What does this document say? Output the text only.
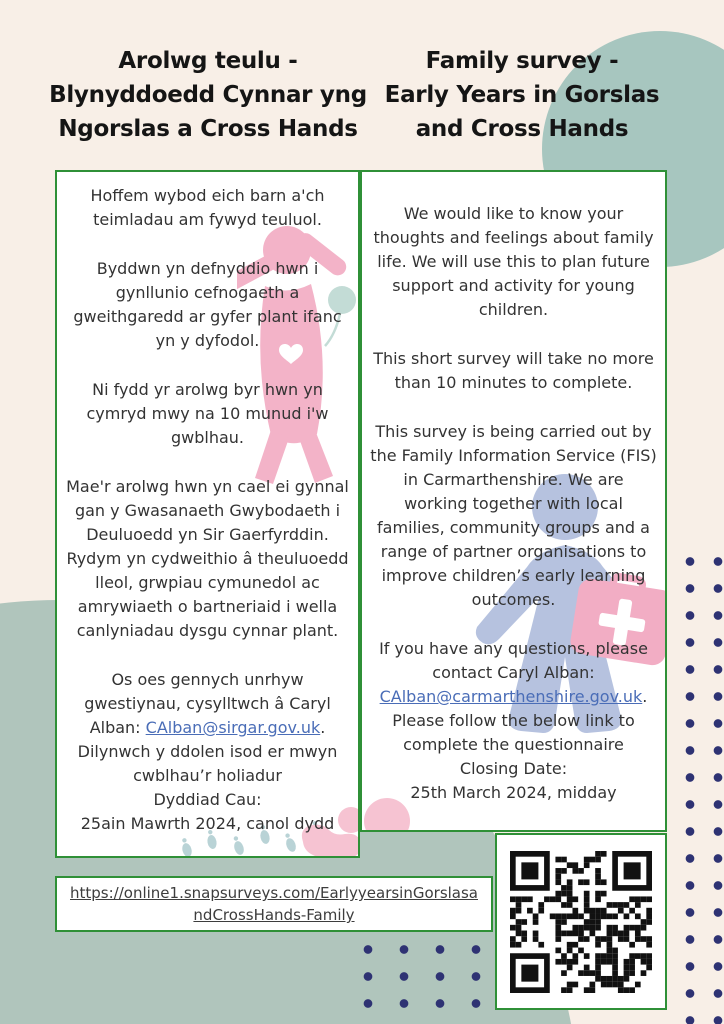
Arolwg teulu -
Blynyddoedd Cynnar yng
Ngorslas a Cross Hands
Family survey -
Early Years in Gorslas
and Cross Hands

Hoffem wybod eich barn a'ch teimladau am fywyd teuluol.

Byddwn yn defnyddio hwn i gynllunio cefnogaeth a gweithgaredd ar gyfer plant ifanc yn y dyfodol.

Ni fydd yr arolwg byr hwn yn cymryd mwy na 10 munud i'w gwblhau.

Mae'r arolwg hwn yn cael ei gynnal gan y Gwasanaeth Gwybodaeth i Deuluoedd yn Sir Gaerfyrddin. Rydym yn cydweithio â theuluoedd lleol, grwpiau cymunedol ac amrywiaeth o bartneriaid i wella canlyniadau dysgu cynnar plant.

Os oes gennych unrhyw gwestiynau, cysylltwch â Caryl Alban: CAlban@sirgar.gov.uk. Dilynwch y ddolen isod er mwyn cwblhau’r holiadur

Dyddiad Cau:

25ain Mawrth 2024, canol dydd

We would like to know your thoughts and feelings about family life. We will use this to plan future support and activity for young children.

This short survey will take no more than 10 minutes to complete.

This survey is being carried out by the Family Information Service (FIS) in Carmarthenshire. We are working together with local families, community groups and a range of partner organisations to improve children’s early learning outcomes.

If you have any questions, please contact Caryl Alban: CAlban@carmarthenshire.gov.uk. Please follow the below link to complete the questionnaire

Closing Date:

25th March 2024, midday

https://online1.snapsurveys.com/EarlyyearsinGorslasandCrossHands-Family
